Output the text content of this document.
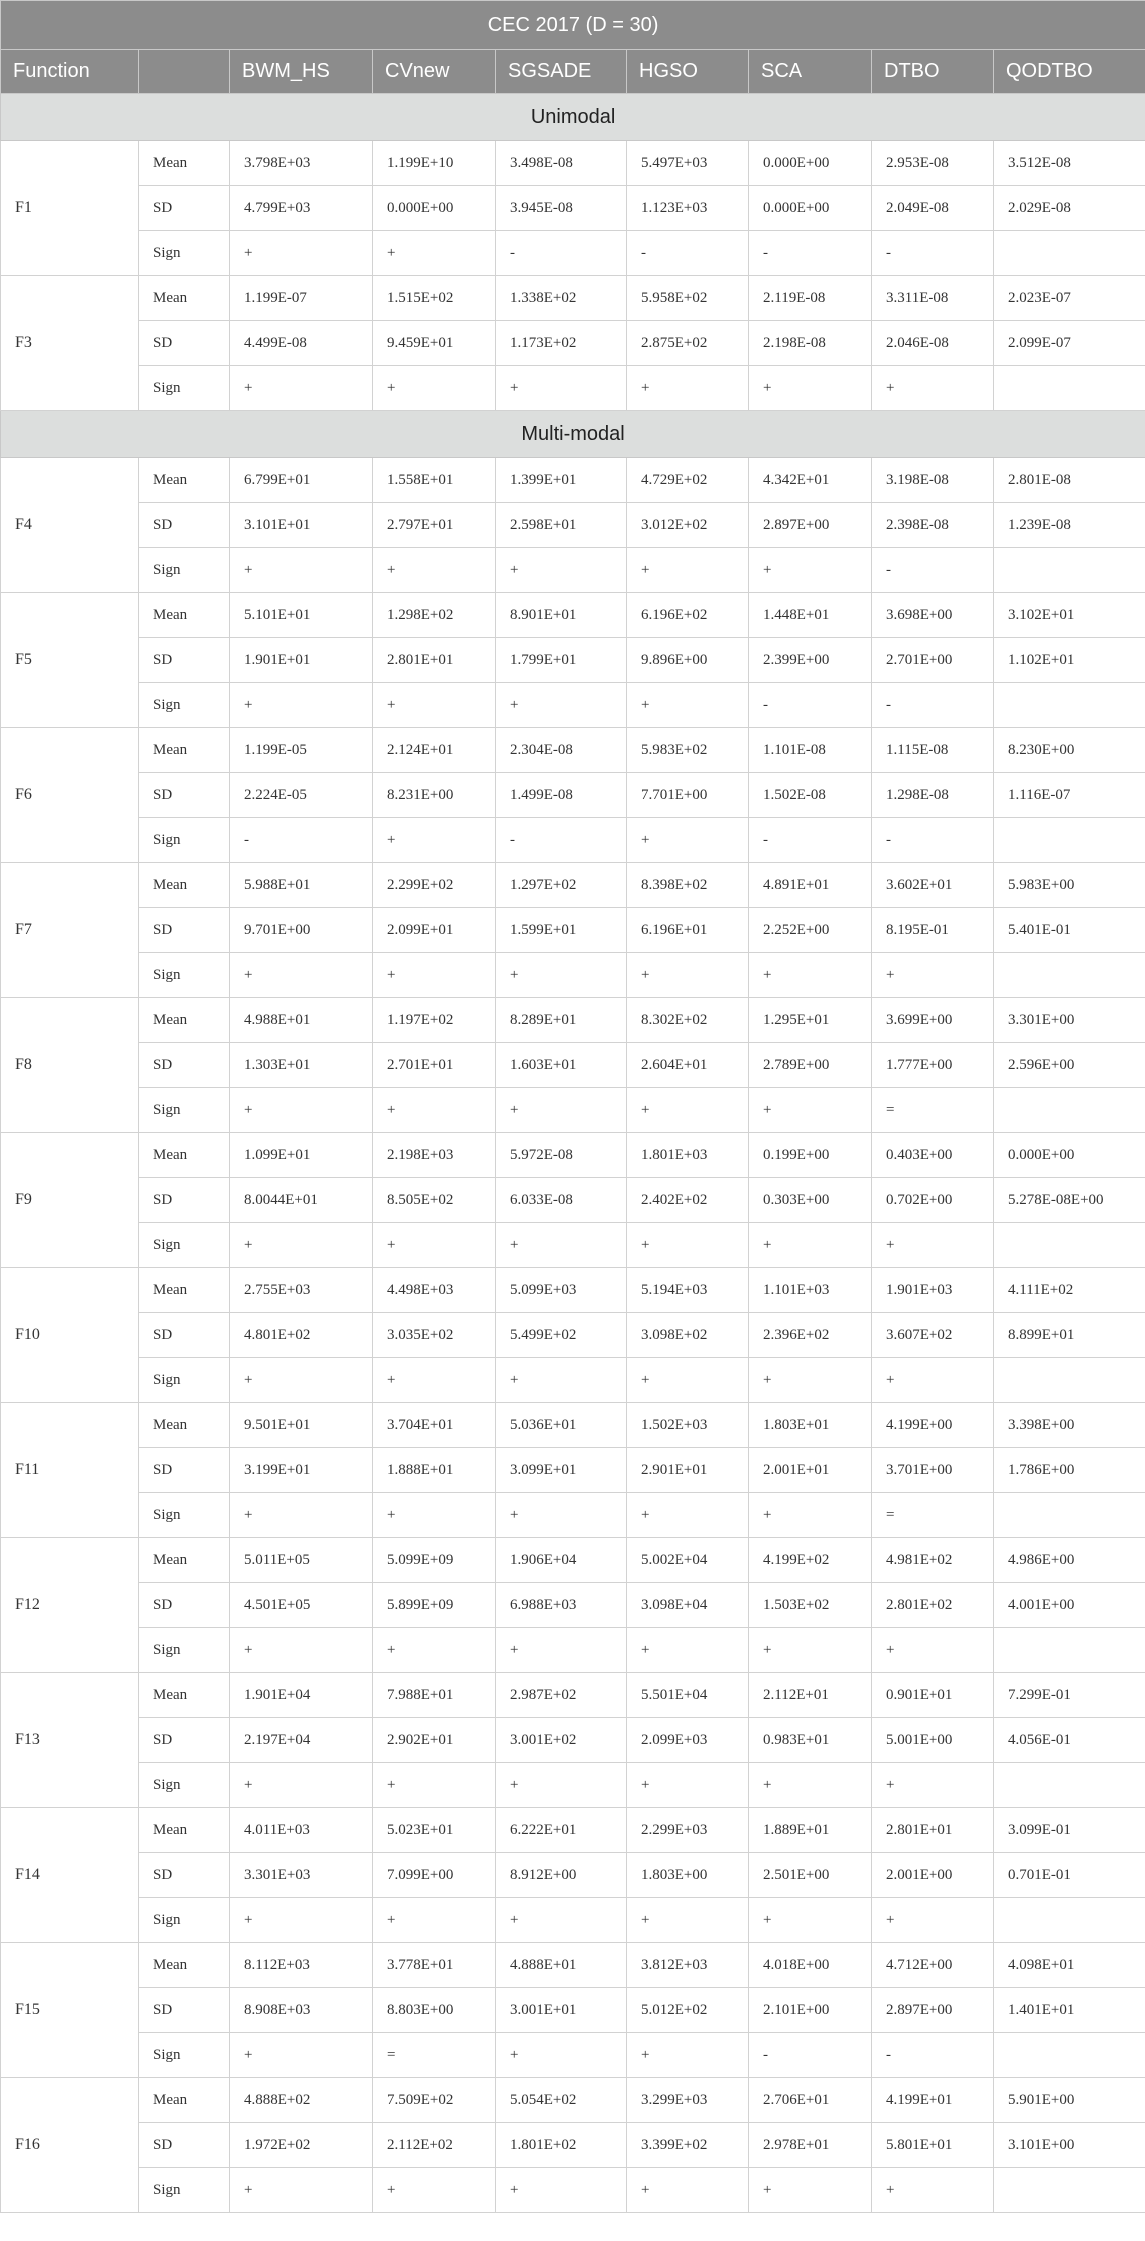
CEC 2017 (D = 30)								
Function		BWM_HS	CVnew	SGSADE	HGSO	SCA	DTBO	QODTBO
Unimodal								
F1	Mean	3.798E+03	1.199E+10	3.498E-08	5.497E+03	0.000E+00	2.953E-08	3.512E-08
	SD	4.799E+03	0.000E+00	3.945E-08	1.123E+03	0.000E+00	2.049E-08	2.029E-08
	Sign	+	+	-	-	-	-	
F3	Mean	1.199E-07	1.515E+02	1.338E+02	5.958E+02	2.119E-08	3.311E-08	2.023E-07
	SD	4.499E-08	9.459E+01	1.173E+02	2.875E+02	2.198E-08	2.046E-08	2.099E-07
	Sign	+	+	+	+	+	+	
Multi-modal								
F4	Mean	6.799E+01	1.558E+01	1.399E+01	4.729E+02	4.342E+01	3.198E-08	2.801E-08
	SD	3.101E+01	2.797E+01	2.598E+01	3.012E+02	2.897E+00	2.398E-08	1.239E-08
	Sign	+	+	+	+	+	-	
F5	Mean	5.101E+01	1.298E+02	8.901E+01	6.196E+02	1.448E+01	3.698E+00	3.102E+01
	SD	1.901E+01	2.801E+01	1.799E+01	9.896E+00	2.399E+00	2.701E+00	1.102E+01
	Sign	+	+	+	+	-	-	
F6	Mean	1.199E-05	2.124E+01	2.304E-08	5.983E+02	1.101E-08	1.115E-08	8.230E+00
	SD	2.224E-05	8.231E+00	1.499E-08	7.701E+00	1.502E-08	1.298E-08	1.116E-07
	Sign	-	+	-	+	-	-	
F7	Mean	5.988E+01	2.299E+02	1.297E+02	8.398E+02	4.891E+01	3.602E+01	5.983E+00
	SD	9.701E+00	2.099E+01	1.599E+01	6.196E+01	2.252E+00	8.195E-01	5.401E-01
	Sign	+	+	+	+	+	+	
F8	Mean	4.988E+01	1.197E+02	8.289E+01	8.302E+02	1.295E+01	3.699E+00	3.301E+00
	SD	1.303E+01	2.701E+01	1.603E+01	2.604E+01	2.789E+00	1.777E+00	2.596E+00
	Sign	+	+	+	+	+	=	
F9	Mean	1.099E+01	2.198E+03	5.972E-08	1.801E+03	0.199E+00	0.403E+00	0.000E+00
	SD	8.0044E+01	8.505E+02	6.033E-08	2.402E+02	0.303E+00	0.702E+00	5.278E-08E+00
	Sign	+	+	+	+	+	+	
F10	Mean	2.755E+03	4.498E+03	5.099E+03	5.194E+03	1.101E+03	1.901E+03	4.111E+02
	SD	4.801E+02	3.035E+02	5.499E+02	3.098E+02	2.396E+02	3.607E+02	8.899E+01
	Sign	+	+	+	+	+	+	
F11	Mean	9.501E+01	3.704E+01	5.036E+01	1.502E+03	1.803E+01	4.199E+00	3.398E+00
	SD	3.199E+01	1.888E+01	3.099E+01	2.901E+01	2.001E+01	3.701E+00	1.786E+00
	Sign	+	+	+	+	+	=	
F12	Mean	5.011E+05	5.099E+09	1.906E+04	5.002E+04	4.199E+02	4.981E+02	4.986E+00
	SD	4.501E+05	5.899E+09	6.988E+03	3.098E+04	1.503E+02	2.801E+02	4.001E+00
	Sign	+	+	+	+	+	+	
F13	Mean	1.901E+04	7.988E+01	2.987E+02	5.501E+04	2.112E+01	0.901E+01	7.299E-01
	SD	2.197E+04	2.902E+01	3.001E+02	2.099E+03	0.983E+01	5.001E+00	4.056E-01
	Sign	+	+	+	+	+	+	
F14	Mean	4.011E+03	5.023E+01	6.222E+01	2.299E+03	1.889E+01	2.801E+01	3.099E-01
	SD	3.301E+03	7.099E+00	8.912E+00	1.803E+00	2.501E+00	2.001E+00	0.701E-01
	Sign	+	+	+	+	+	+	
F15	Mean	8.112E+03	3.778E+01	4.888E+01	3.812E+03	4.018E+00	4.712E+00	4.098E+01
	SD	8.908E+03	8.803E+00	3.001E+01	5.012E+02	2.101E+00	2.897E+00	1.401E+01
	Sign	+	=	+	+	-	-	
F16	Mean	4.888E+02	7.509E+02	5.054E+02	3.299E+03	2.706E+01	4.199E+01	5.901E+00
	SD	1.972E+02	2.112E+02	1.801E+02	3.399E+02	2.978E+01	5.801E+01	3.101E+00
	Sign	+	+	+	+	+	+	
